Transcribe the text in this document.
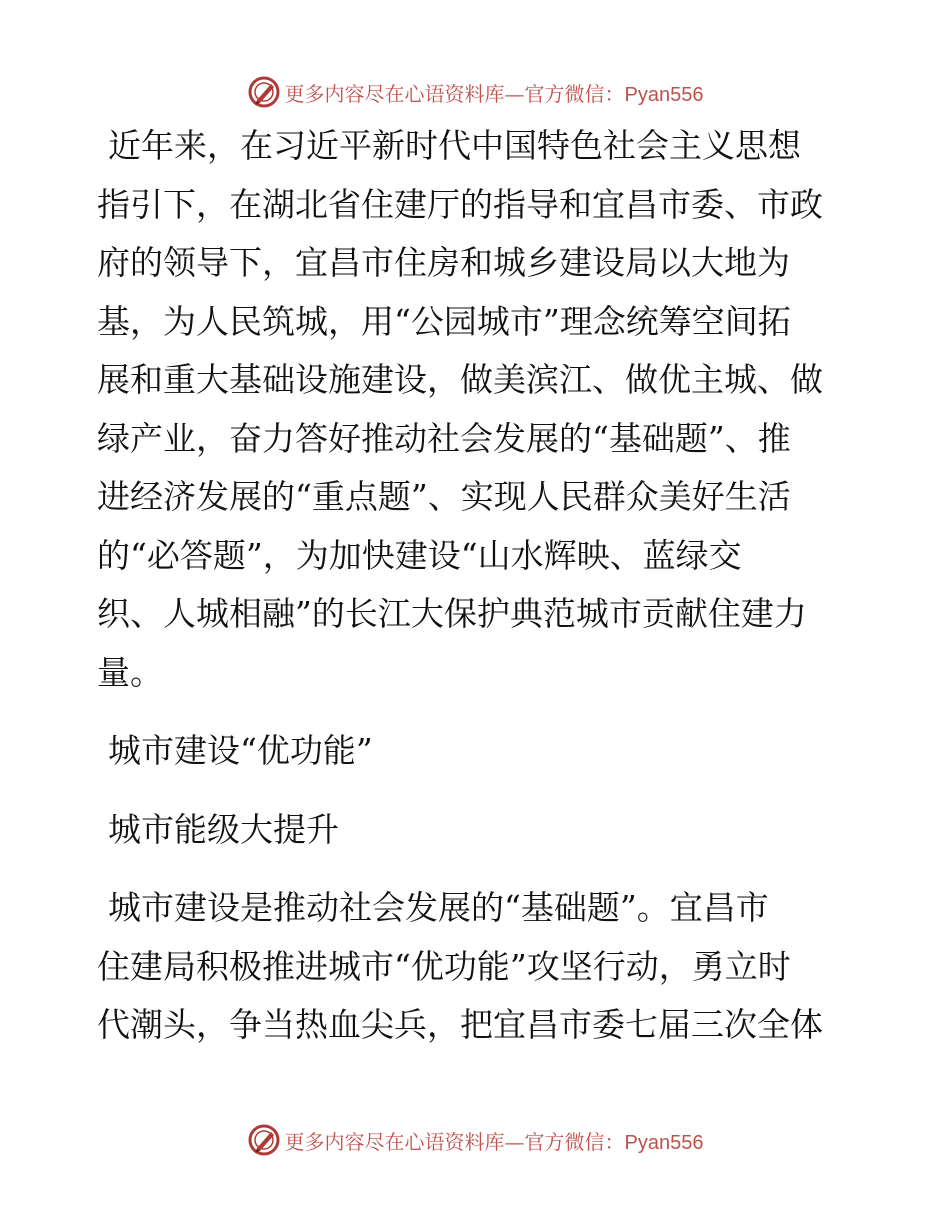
更多内容尽在心语资料库—官方微信：Pyan556
近年来，在习近平新时代中国特色社会主义思想
指引下，在湖北省住建厅的指导和宜昌市委、市政
府的领导下，宜昌市住房和城乡建设局以大地为
基，为人民筑城，用“公园城市”理念统筹空间拓
展和重大基础设施建设，做美滨江、做优主城、做
绿产业，奋力答好推动社会发展的“基础题”、推
进经济发展的“重点题”、实现人民群众美好生活
的“必答题”，为加快建设“山水辉映、蓝绿交
织、人城相融”的长江大保护典范城市贡献住建力
量。
城市建设“优功能”
城市能级大提升
城市建设是推动社会发展的“基础题”。宜昌市
住建局积极推进城市“优功能”攻坚行动，勇立时
代潮头，争当热血尖兵，把宜昌市委七届三次全体
更多内容尽在心语资料库—官方微信：Pyan556
